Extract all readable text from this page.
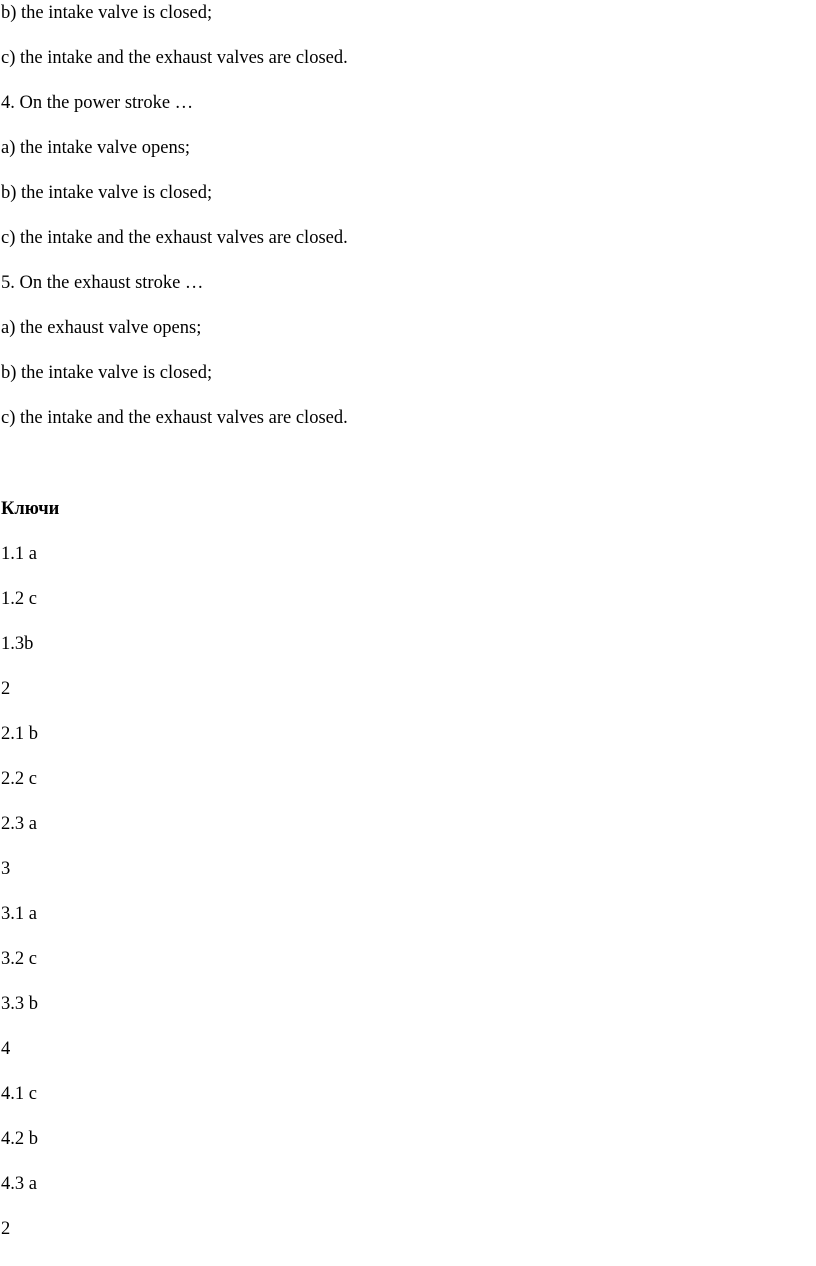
b) the intake valve is closed;

c) the intake and the exhaust valves are closed.

4. On the power stroke …

a) the intake valve opens;

b) the intake valve is closed;

c) the intake and the exhaust valves are closed.

5. On the exhaust stroke …

a) the exhaust valve opens;

b) the intake valve is closed;

c) the intake and the exhaust valves are closed.

Ключи

1.1 a

1.2 c

1.3b

2

2.1 b

2.2 c

2.3 a

3

3.1 a

3.2 c

3.3 b

4

4.1 c

4.2 b

4.3 a

2
